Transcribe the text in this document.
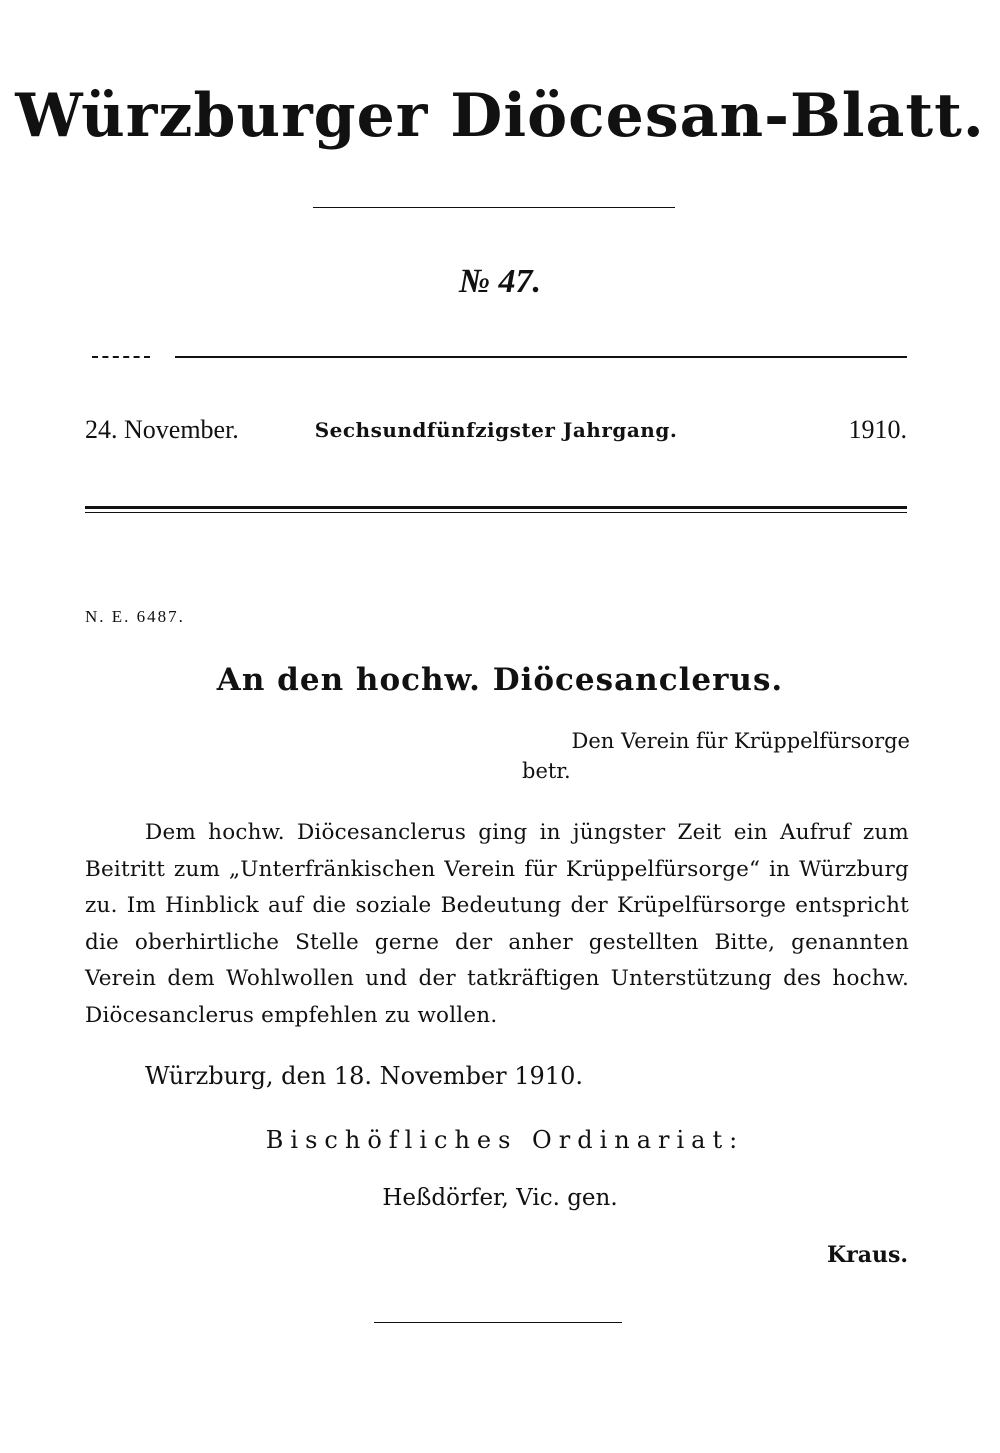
Würzburger Diöcesan-Blatt.
№ 47.
24. November.	Sechsundfünfzigster Jahrgang.	1910.
N. E. 6487.
An den hochw. Diöcesanclerus.
Den Verein für Krüppelfürsorge
betr.
Dem hochw. Diöcesanclerus ging in jüngster Zeit ein Aufruf zum Beitritt zum „Unterfränkischen Verein für Krüppelfürsorge“ in Würzburg zu. Im Hinblick auf die soziale Bedeutung der Krüpelfürsorge entspricht die oberhirtliche Stelle gerne der anher gestellten Bitte, genannten Verein dem Wohlwollen und der tatkräftigen Unterstützung des hochw. Diöcesanclerus empfehlen zu wollen.
Würzburg, den 18. November 1910.
Bischöfliches Ordinariat:
Heßdörfer, Vic. gen.
Kraus.
